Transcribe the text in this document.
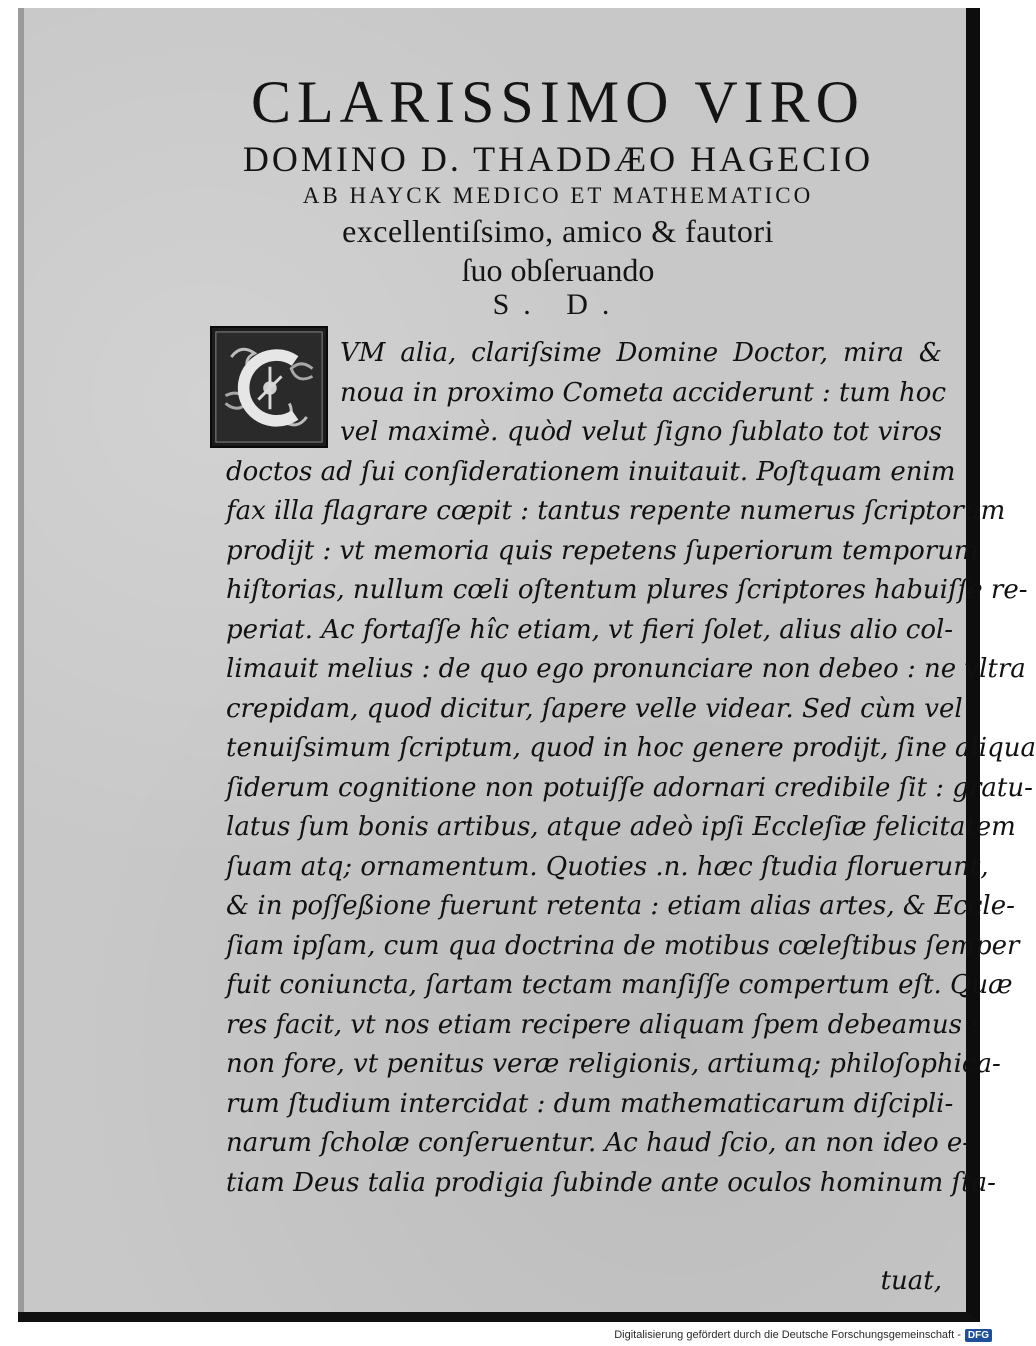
CLARISSIMO VIRO
DOMINO D. THADDÆO HAGECIO
AB HAYCK MEDICO ET MATHEMATICO
excellentiſsimo, amico & fautori
ſuo obſeruando
S. D.
VM alia, clariſsime Domine Doctor, mira &
noua in proximo Cometa acciderunt : tum hoc
vel maximè. quòd velut ſigno ſublato tot viros
doctos ad ſui conſiderationem inuitauit. Poſtquam enim
fax illa flagrare cœpit : tantus repente numerus ſcriptorum
prodijt : vt memoria quis repetens ſuperiorum temporum
hiſtorias, nullum cœli oſtentum plures ſcriptores habuiſſe re-
periat. Ac fortaſſe hîc etiam, vt fieri ſolet, alius alio col-
limauit melius : de quo ego pronunciare non debeo : ne vltra
crepidam, quod dicitur, ſapere velle videar. Sed cùm vel
tenuiſsimum ſcriptum, quod in hoc genere prodijt, ſine aliqua
ſiderum cognitione non potuiſſe adornari credibile ſit : gratu-
latus ſum bonis artibus, atque adeò ipſi Eccleſiæ felicitatem
ſuam atq; ornamentum. Quoties .n. hæc ſtudia floruerunt,
& in poſſeßione fuerunt retenta : etiam alias artes, & Eccle-
ſiam ipſam, cum qua doctrina de motibus cœleſtibus ſemper
fuit coniuncta, ſartam tectam manſiſſe compertum eſt. Quæ
res facit, vt nos etiam recipere aliquam ſpem debeamus :
non fore, vt penitus veræ religionis, artiumq; philoſophica-
rum ſtudium intercidat : dum mathematicarum diſcipli-
narum ſcholæ conſeruentur. Ac haud ſcio, an non ideo e-
tiam Deus talia prodigia ſubinde ante oculos hominum ſta-
tuat,
Digitalisierung gefördert durch die Deutsche Forschungsgemeinschaft - DFG
